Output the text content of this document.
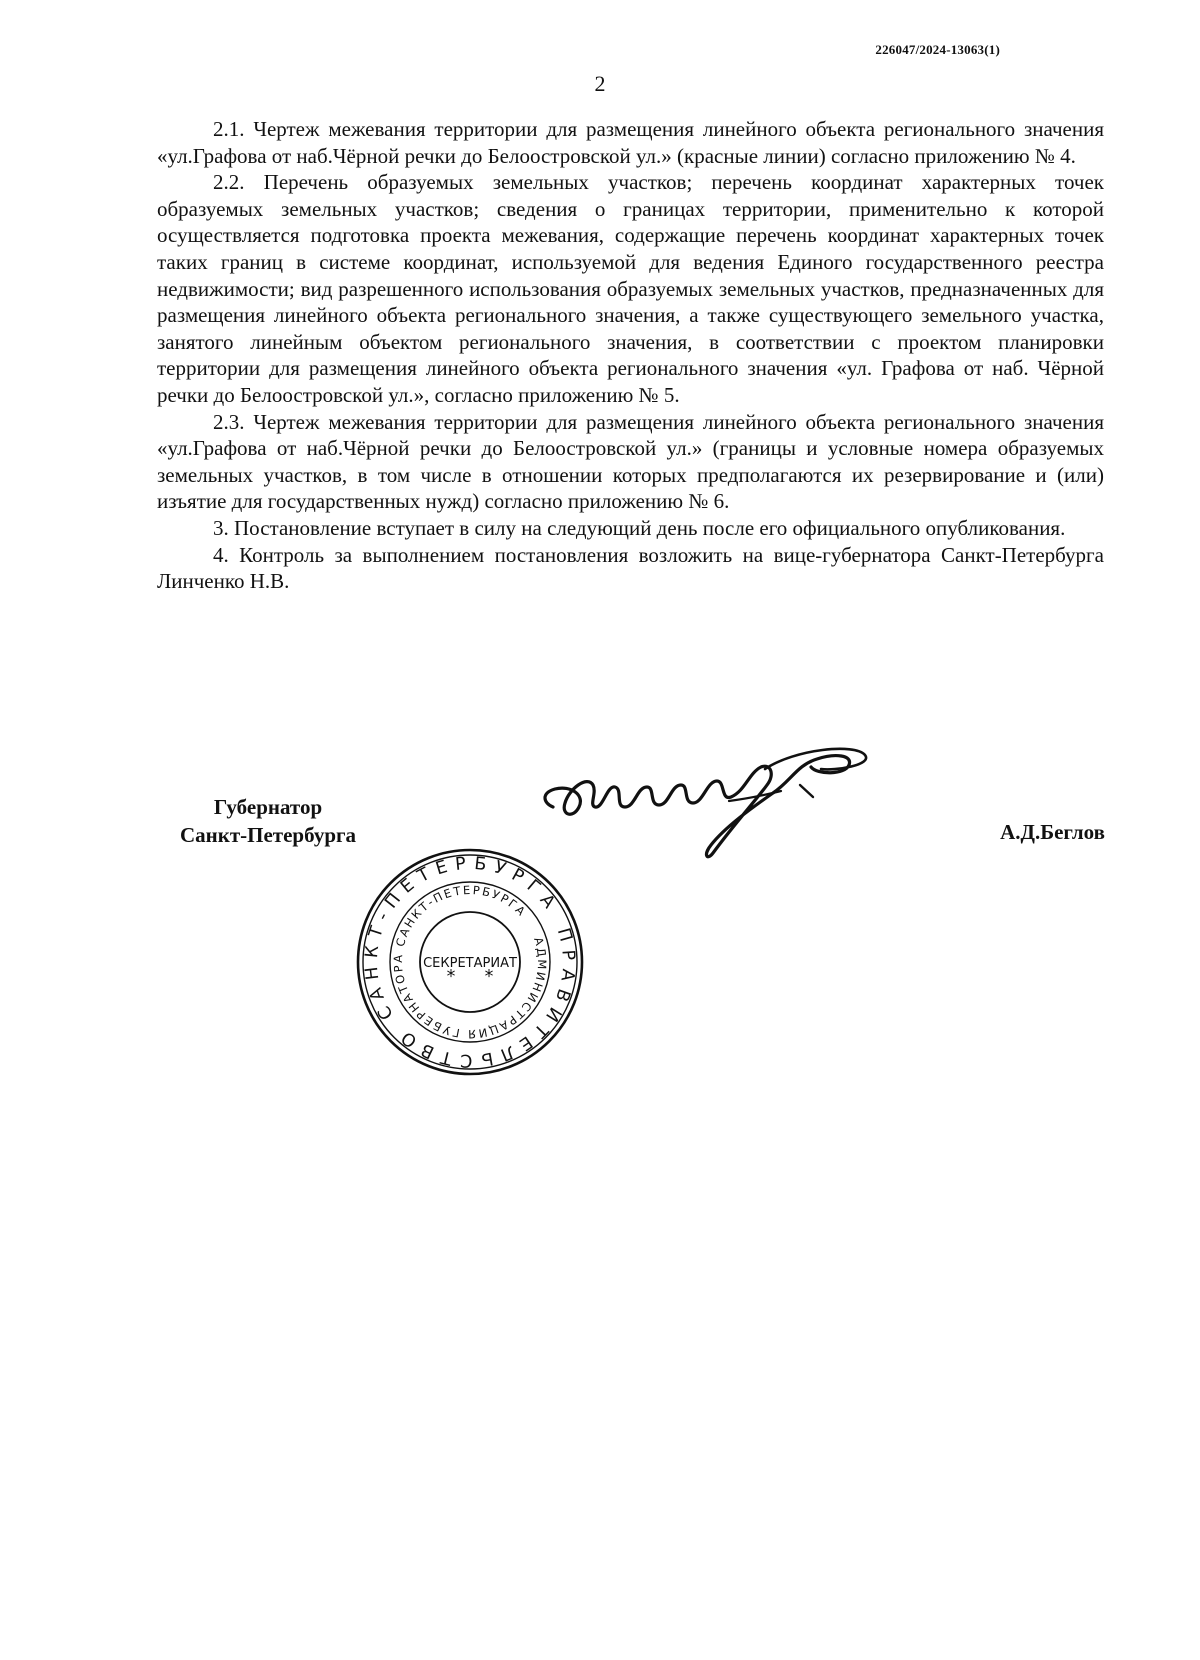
226047/2024-13063(1)
2

2.1. Чертеж межевания территории для размещения линейного объекта регионального значения «ул.Графова от наб.Чёрной речки до Белоостровской ул.» (красные линии) согласно приложению № 4.

2.2. Перечень образуемых земельных участков; перечень координат характерных точек образуемых земельных участков; сведения о границах территории, применительно к которой осуществляется подготовка проекта межевания, содержащие перечень координат характерных точек таких границ в системе координат, используемой для ведения Единого государственного реестра недвижимости; вид разрешенного использования образуемых земельных участков, предназначенных для размещения линейного объекта регионального значения, а также существующего земельного участка, занятого линейным объектом регионального значения, в соответствии с проектом планировки территории для размещения линейного объекта регионального значения «ул. Графова от наб. Чёрной речки до Белоостровской ул.», согласно приложению № 5.

2.3. Чертеж межевания территории для размещения линейного объекта регионального значения «ул.Графова от наб.Чёрной речки до Белоостровской ул.» (границы и условные номера образуемых земельных участков, в том числе в отношении которых предполагаются их резервирование и (или) изъятие для государственных нужд) согласно приложению № 6.

3. Постановление вступает в силу на следующий день после его официального опубликования.

4. Контроль за выполнением постановления возложить на вице-губернатора Санкт-Петербурга Линченко Н.В.

Губернатор
Санкт-Петербурга	А.Д.Беглов
ПРАВИТЕЛЬСТВО САНКТ-ПЕТЕРБУРГА
АДМИНИСТРАЦИЯ ГУБЕРНАТОРА САНКТ-ПЕТЕРБУРГА
СЕКРЕТАРИАТ
* *
